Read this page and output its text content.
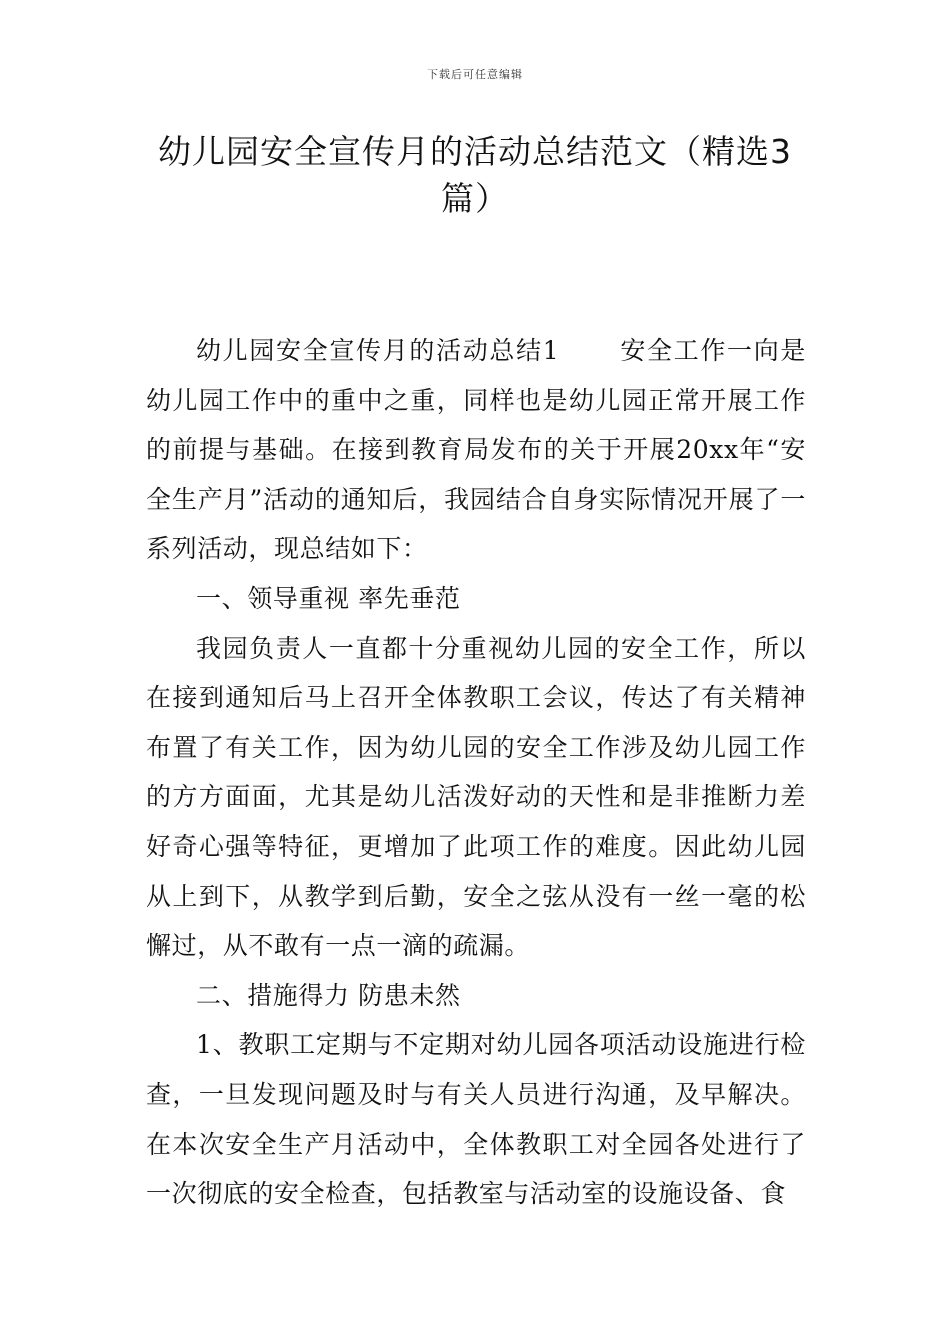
下载后可任意编辑
幼儿园安全宣传月的活动总结范文（精选3篇）

幼儿园安全宣传月的活动总结1 安全工作一向是幼儿园工作中的重中之重，同样也是幼儿园正常开展工作的前提与基础。在接到教育局发布的关于开展20xx年“安全生产月”活动的通知后，我园结合自身实际情况开展了一系列活动，现总结如下：

一、领导重视 率先垂范

我园负责人一直都十分重视幼儿园的安全工作，所以在接到通知后马上召开全体教职工会议，传达了有关精神布置了有关工作，因为幼儿园的安全工作涉及幼儿园工作的方方面面，尤其是幼儿活泼好动的天性和是非推断力差好奇心强等特征，更增加了此项工作的难度。因此幼儿园从上到下，从教学到后勤，安全之弦从没有一丝一毫的松懈过，从不敢有一点一滴的疏漏。

二、措施得力 防患未然

1、教职工定期与不定期对幼儿园各项活动设施进行检查，一旦发现问题及时与有关人员进行沟通，及早解决。在本次安全生产月活动中，全体教职工对全园各处进行了一次彻底的安全检查，包括教室与活动室的设施设备、食
